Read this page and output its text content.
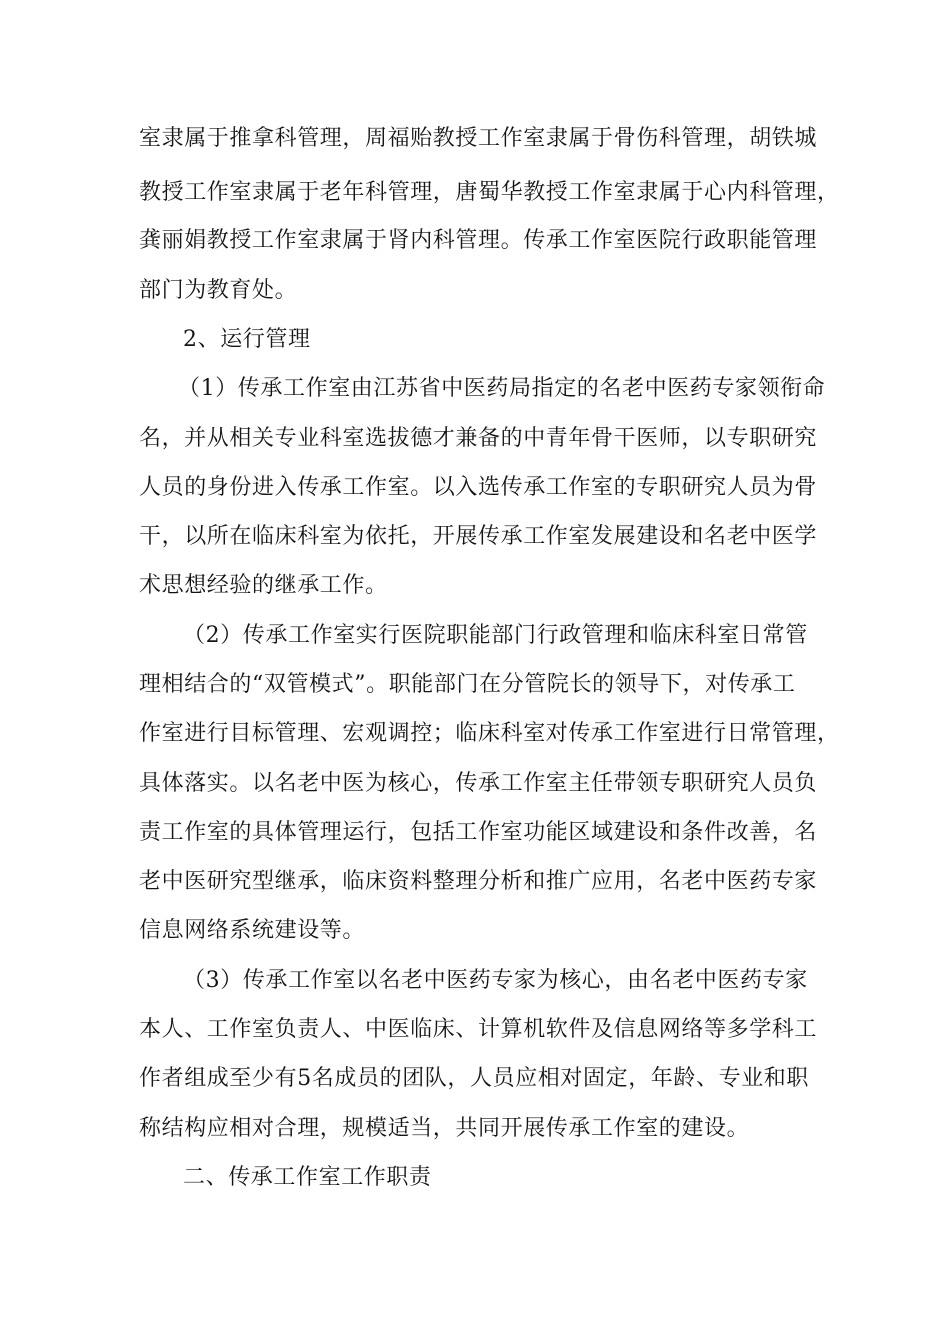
室隶属于推拿科管理，周福贻教授工作室隶属于骨伤科管理，胡铁城
教授工作室隶属于老年科管理，唐蜀华教授工作室隶属于心内科管理，
龚丽娟教授工作室隶属于肾内科管理。传承工作室医院行政职能管理
部门为教育处。
2、运行管理
（1）传承工作室由江苏省中医药局指定的名老中医药专家领衔命
名，并从相关专业科室选拔德才兼备的中青年骨干医师，以专职研究
人员的身份进入传承工作室。以入选传承工作室的专职研究人员为骨
干，以所在临床科室为依托，开展传承工作室发展建设和名老中医学
术思想经验的继承工作。
（2）传承工作室实行医院职能部门行政管理和临床科室日常管
理相结合的“双管模式”。职能部门在分管院长的领导下，对传承工
作室进行目标管理、宏观调控；临床科室对传承工作室进行日常管理，
具体落实。以名老中医为核心，传承工作室主任带领专职研究人员负
责工作室的具体管理运行，包括工作室功能区域建设和条件改善，名
老中医研究型继承，临床资料整理分析和推广应用，名老中医药专家
信息网络系统建设等。
（3）传承工作室以名老中医药专家为核心，由名老中医药专家
本人、工作室负责人、中医临床、计算机软件及信息网络等多学科工
作者组成至少有5名成员的团队，人员应相对固定，年龄、专业和职
称结构应相对合理，规模适当，共同开展传承工作室的建设。
二、传承工作室工作职责
